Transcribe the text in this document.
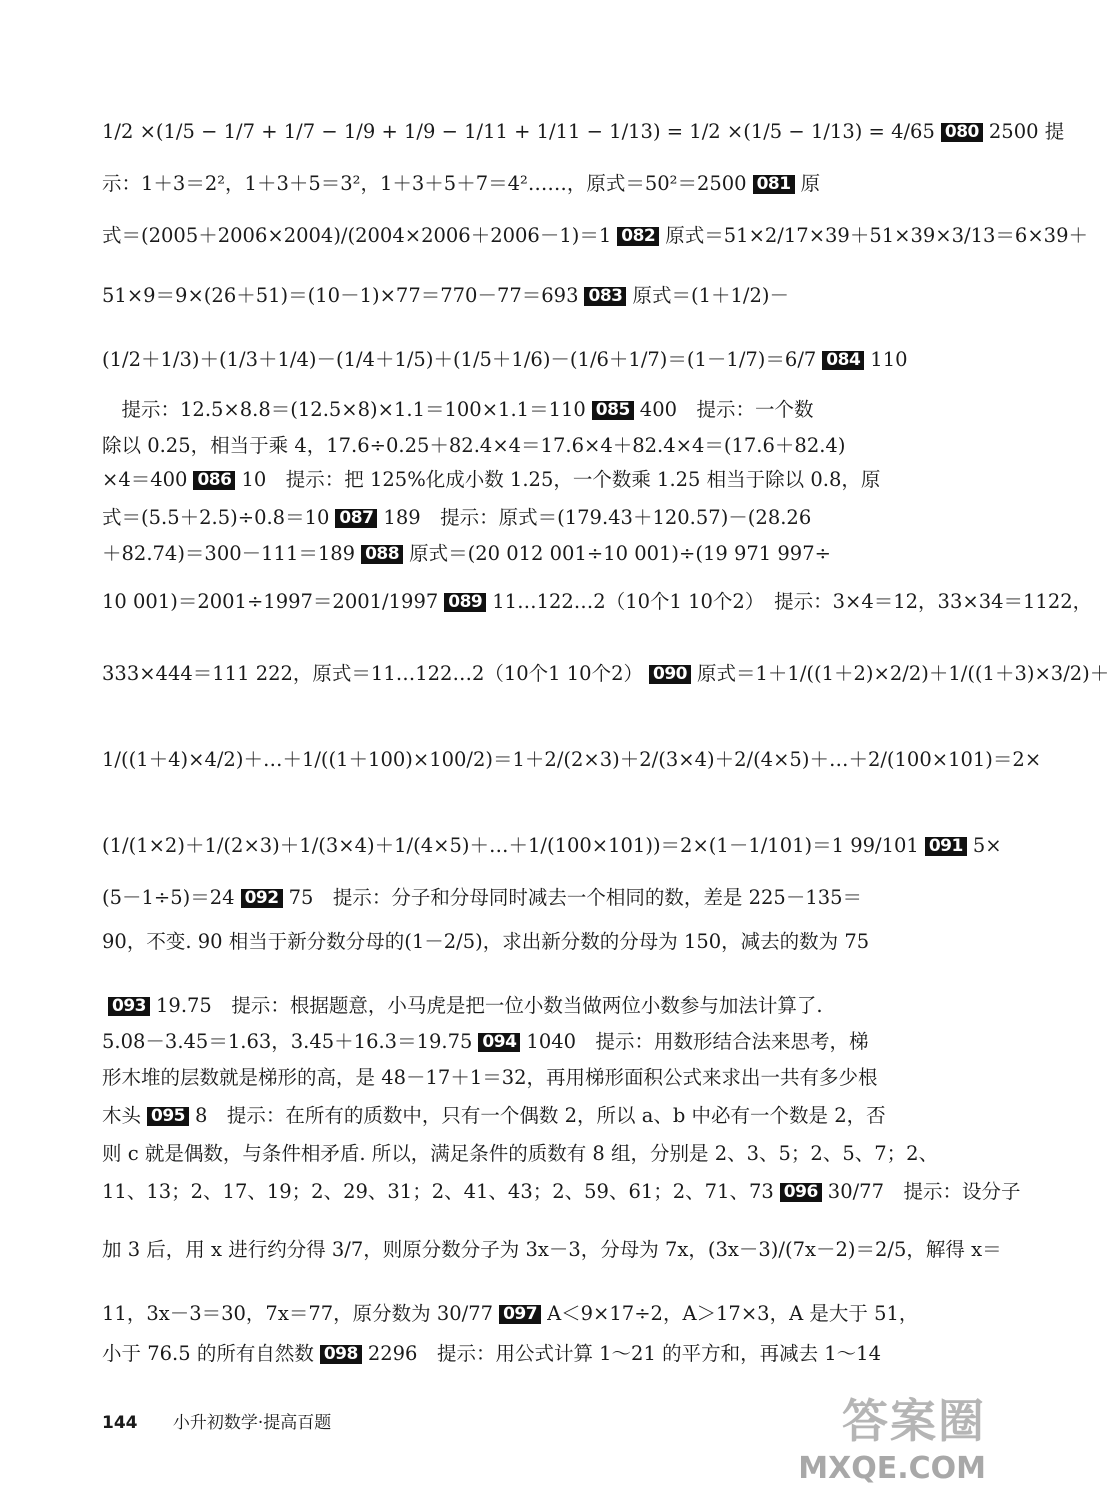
1/2 ×(1/5 − 1/7 + 1/7 − 1/9 + 1/9 − 1/11 + 1/11 − 1/13) = 1/2 ×(1/5 − 1/13) = 4/65 080 2500 提
示：1＋3＝2²，1＋3＋5＝3²，1＋3＋5＋7＝4²……，原式＝50²＝2500 081 原
式＝(2005＋2006×2004)/(2004×2006＋2006－1)＝1 082 原式＝51×2/17×39＋51×39×3/13＝6×39＋
51×9＝9×(26＋51)＝(10－1)×77＝770－77＝693 083 原式＝(1＋1/2)－
(1/2＋1/3)＋(1/3＋1/4)－(1/4＋1/5)＋(1/5＋1/6)－(1/6＋1/7)＝(1－1/7)＝6/7 084 110
　提示：12.5×8.8＝(12.5×8)×1.1＝100×1.1＝110 085 400　提示：一个数
除以 0.25，相当于乘 4，17.6÷0.25＋82.4×4＝17.6×4＋82.4×4＝(17.6＋82.4)
×4＝400 086 10　提示：把 125%化成小数 1.25，一个数乘 1.25 相当于除以 0.8，原
式＝(5.5＋2.5)÷0.8＝10 087 189　提示：原式＝(179.43＋120.57)－(28.26
＋82.74)＝300－111＝189 088 原式＝(20 012 001÷10 001)÷(19 971 997÷
10 001)＝2001÷1997＝2001/1997 089 11…122…2（10个1 10个2）　提示：3×4＝12，33×34＝1122，
333×444＝111 222，原式＝11…122…2（10个1 10个2） 090 原式＝1＋1/((1＋2)×2/2)＋1/((1＋3)×3/2)＋
1/((1＋4)×4/2)＋…＋1/((1＋100)×100/2)＝1＋2/(2×3)＋2/(3×4)＋2/(4×5)＋…＋2/(100×101)＝2×
(1/(1×2)＋1/(2×3)＋1/(3×4)＋1/(4×5)＋…＋1/(100×101))＝2×(1－1/101)＝1 99/101 091 5×
(5－1÷5)＝24 092 75　提示：分子和分母同时减去一个相同的数，差是 225－135＝
90，不变. 90 相当于新分数分母的(1－2/5)，求出新分数的分母为 150，减去的数为 75
093 19.75　提示：根据题意，小马虎是把一位小数当做两位小数参与加法计算了.
5.08－3.45＝1.63，3.45＋16.3＝19.75 094 1040　提示：用数形结合法来思考，梯
形木堆的层数就是梯形的高，是 48－17＋1＝32，再用梯形面积公式来求出一共有多少根
木头 095 8　提示：在所有的质数中，只有一个偶数 2，所以 a、b 中必有一个数是 2，否
则 c 就是偶数，与条件相矛盾. 所以，满足条件的质数有 8 组，分别是 2、3、5；2、5、7；2、
11、13；2、17、19；2、29、31；2、41、43；2、59、61；2、71、73 096 30/77　提示：设分子
加 3 后，用 x 进行约分得 3/7，则原分数分子为 3x－3，分母为 7x，(3x－3)/(7x－2)＝2/5，解得 x＝
11，3x－3＝30，7x＝77，原分数为 30/77 097 A＜9×17÷2，A＞17×3，A 是大于 51，
小于 76.5 的所有自然数 098 2296　提示：用公式计算 1～21 的平方和，再减去 1～14
144 小升初数学·提高百题	答案圈
MXQE.COM
